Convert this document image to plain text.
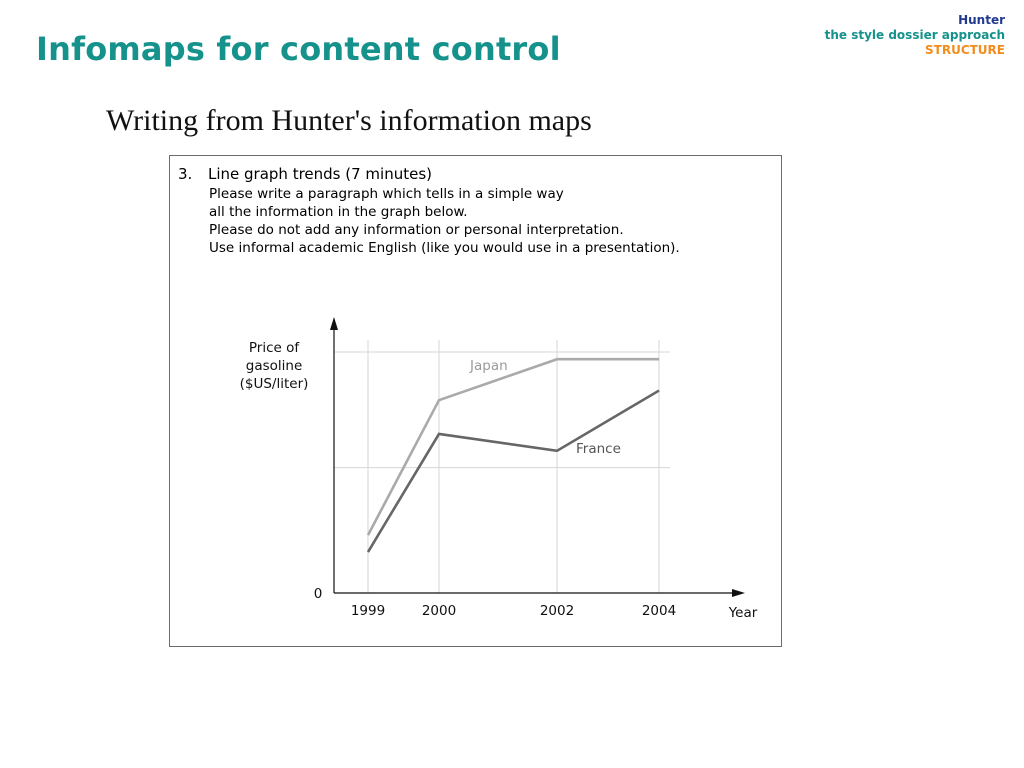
Infomaps for content control
Hunter
the style dossier approach
STRUCTURE
Writing from Hunter's information maps
3. Line graph trends (7 minutes)
Please write a paragraph which tells in a simple way
all the information in the graph below.
Please do not add any information or personal interpretation.
Use informal academic English (like you would use in a presentation).
Japan
France
1999	2000	2002	2004	Year
0
Price of
gasoline
($US/liter)
